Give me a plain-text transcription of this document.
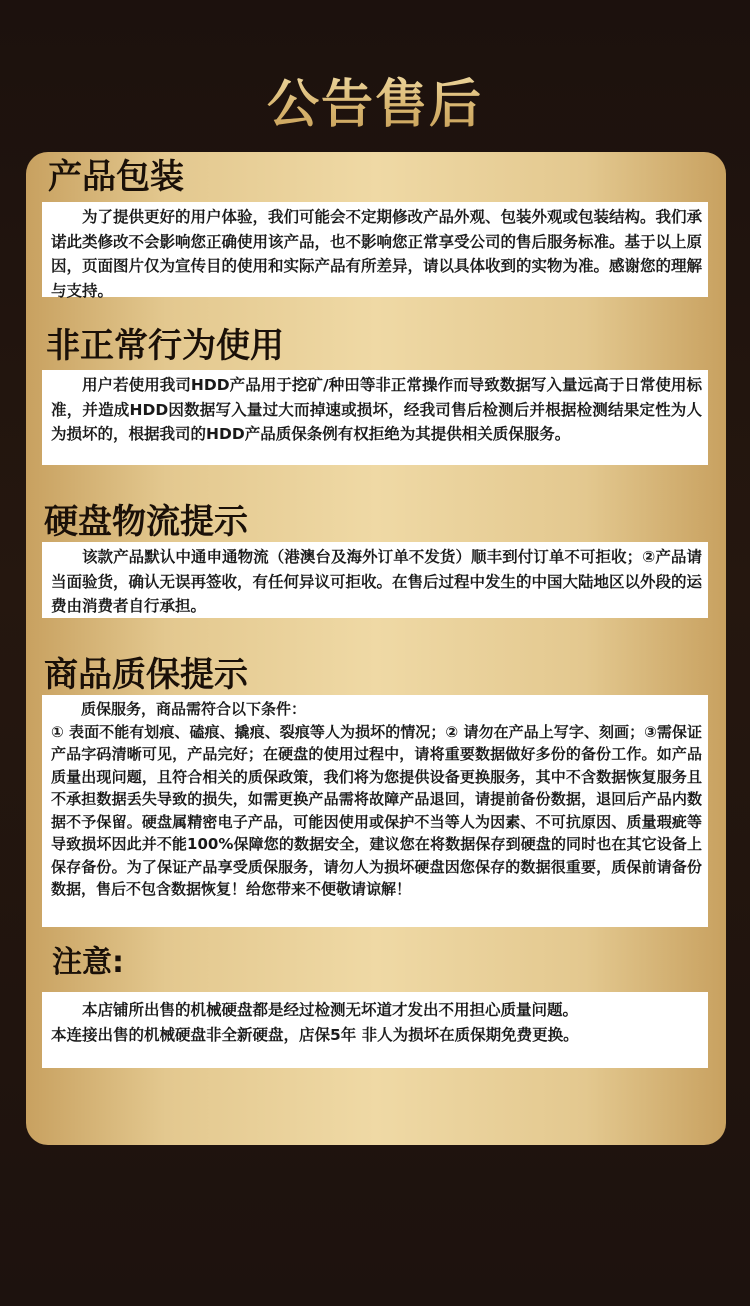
公告售后
产品包装

为了提供更好的用户体验，我们可能会不定期修改产品外观、包装外观或包装结构。我们承诺此类修改不会影响您正确使用该产品，也不影响您正常享受公司的售后服务标准。基于以上原因，页面图片仅为宣传目的使用和实际产品有所差异，请以具体收到的实物为准。感谢您的理解与支持。

非正常行为使用

用户若使用我司HDD产品用于挖矿/种田等非正常操作而导致数据写入量远高于日常使用标准，并造成HDD因数据写入量过大而掉速或损坏，经我司售后检测后并根据检测结果定性为人为损坏的，根据我司的HDD产品质保条例有权拒绝为其提供相关质保服务。

硬盘物流提示

该款产品默认中通申通物流（港澳台及海外订单不发货）顺丰到付订单不可拒收；②产品请当面验货，确认无误再签收，有任何异议可拒收。在售后过程中发生的中国大陆地区以外段的运费由消费者自行承担。

商品质保提示

质保服务，商品需符合以下条件：

① 表面不能有划痕、磕痕、撬痕、裂痕等人为损坏的情况；② 请勿在产品上写字、刻画；③需保证产品字码清晰可见，产品完好；在硬盘的使用过程中，请将重要数据做好多份的备份工作。如产品质量出现问题，且符合相关的质保政策，我们将为您提供设备更换服务，其中不含数据恢复服务且不承担数据丢失导致的损失，如需更换产品需将故障产品退回，请提前备份数据，退回后产品内数据不予保留。硬盘属精密电子产品，可能因使用或保护不当等人为因素、不可抗原因、质量瑕疵等导致损坏因此并不能100%保障您的数据安全，建议您在将数据保存到硬盘的同时也在其它设备上保存备份。为了保证产品享受质保服务，请勿人为损坏硬盘因您保存的数据很重要，质保前请备份数据，售后不包含数据恢复！给您带来不便敬请谅解！

注意:

本店铺所出售的机械硬盘都是经过检测无坏道才发出不用担心质量问题。

本连接出售的机械硬盘非全新硬盘，店保5年 非人为损坏在质保期免费更换。
